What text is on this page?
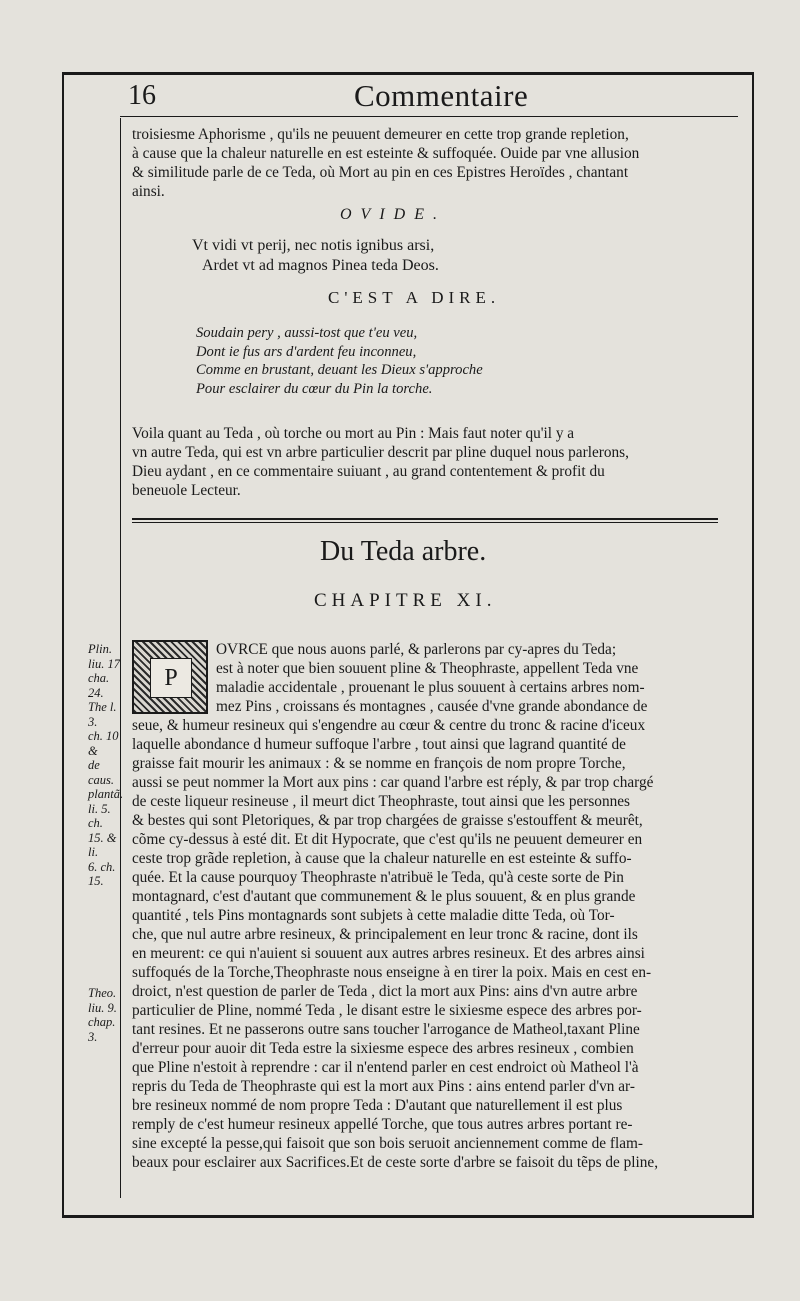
16	Commentaire
troisiesme Aphorisme , qu'ils ne peuuent demeurer en cette trop grande repletion,
à cause que la chaleur naturelle en est esteinte & suffoquée. Ouide par vne allusion
& similitude parle de ce Teda, où Mort au pin en ces Epistres Heroïdes , chantant
ainsi.
OVIDE.
Vt vidi vt perij, nec notis ignibus arsi,
Ardet vt ad magnos Pinea teda Deos.
C'EST A DIRE.
Soudain pery , aussi-tost que t'eu veu,
Dont ie fus ars d'ardent feu inconneu,
Comme en brustant, deuant les Dieux s'approche
Pour esclairer du cœur du Pin la torche.
Voila quant au Teda , où torche ou mort au Pin : Mais faut noter qu'il y a
vn autre Teda, qui est vn arbre particulier descrit par pline duquel nous parlerons,
Dieu aydant , en ce commentaire suiuant , au grand contentement & profit du
beneuole Lecteur.
Du Teda arbre.
CHAPITRE XI.
Plin.
liu. 17
cha. 24.
The l. 3.
ch. 10 &
de caus.
plantã.
li. 5. ch.
15. & li.
6. ch. 15.
Theo.
liu. 9.
chap. 3.
P
OVRCE que nous auons parlé, & parlerons par cy-apres du Teda;
est à noter que bien souuent pline & Theophraste, appellent Teda vne
maladie accidentale , prouenant le plus souuent à certains arbres nom-
mez Pins , croissans és montagnes , causée d'vne grande abondance de
seue, & humeur resineux qui s'engendre au cœur & centre du tronc & racine d'iceux
laquelle abondance d humeur suffoque l'arbre , tout ainsi que lagrand quantité de
graisse fait mourir les animaux : & se nomme en françois de nom propre Torche,
aussi se peut nommer la Mort aux pins : car quand l'arbre est réply, & par trop chargé
de ceste liqueur resineuse , il meurt dict Theophraste, tout ainsi que les personnes
& bestes qui sont Pletoriques, & par trop chargées de graisse s'estouffent & meurêt,
cõme cy-dessus à esté dit. Et dit Hypocrate, que c'est qu'ils ne peuuent demeurer en
ceste trop grãde repletion, à cause que la chaleur naturelle en est esteinte & suffo-
quée. Et la cause pourquoy Theophraste n'atribuë le Teda, qu'à ceste sorte de Pin
montagnard, c'est d'autant que communement & le plus souuent, & en plus grande
quantité , tels Pins montagnards sont subjets à cette maladie ditte Teda, où Tor-
che, que nul autre arbre resineux, & principalement en leur tronc & racine, dont ils
en meurent: ce qui n'auient si souuent aux autres arbres resineux. Et des arbres ainsi
suffoqués de la Torche,Theophraste nous enseigne à en tirer la poix. Mais en cest en-
droict, n'est question de parler de Teda , dict la mort aux Pins: ains d'vn autre arbre
particulier de Pline, nommé Teda , le disant estre le sixiesme espece des arbres por-
tant resines. Et ne passerons outre sans toucher l'arrogance de Matheol,taxant Pline
d'erreur pour auoir dit Teda estre la sixiesme espece des arbres resineux , combien
que Pline n'estoit à reprendre : car il n'entend parler en cest endroict où Matheol l'à
repris du Teda de Theophraste qui est la mort aux Pins : ains entend parler d'vn ar-
bre resineux nommé de nom propre Teda : D'autant que naturellement il est plus
remply de c'est humeur resineux appellé Torche, que tous autres arbres portant re-
sine excepté la pesse,qui faisoit que son bois seruoit anciennement comme de flam-
beaux pour esclairer aux Sacrifices.Et de ceste sorte d'arbre se faisoit du tẽps de pline,
